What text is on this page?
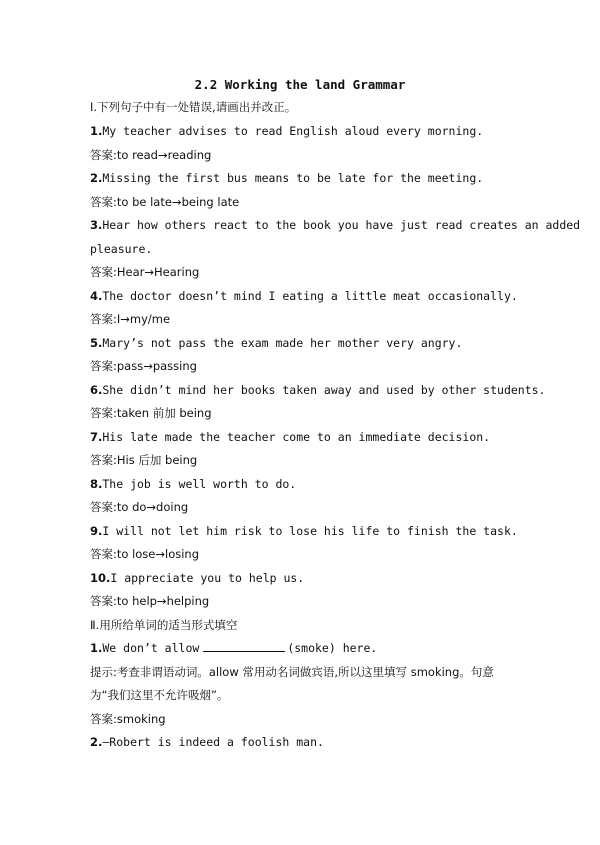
2.2 Working the land Grammar
Ⅰ.下列句子中有一处错误,请画出并改正。
1.My teacher advises to read English aloud every morning.
答案:to read→reading
2.Missing the first bus means to be late for the meeting.
答案:to be late→being late
3.Hear how others react to the book you have just read creates an added
pleasure.
答案:Hear→Hearing
4.The doctor doesn’t mind I eating a little meat occasionally.
答案:I→my/me
5.Mary’s not pass the exam made her mother very angry.
答案:pass→passing
6.She didn’t mind her books taken away and used by other students.
答案:taken 前加 being
7.His late made the teacher come to an immediate decision.
答案:His 后加 being
8.The job is well worth to do.
答案:to do→doing
9.I will not let him risk to lose his life to finish the task.
答案:to lose→losing
10.I appreciate you to help us.
答案:to help→helping
Ⅱ.用所给单词的适当形式填空
1.We don’t allow	(smoke) here.
提示:考查非谓语动词。allow 常用动名词做宾语,所以这里填写 smoking。句意
为“我们这里不允许吸烟”。
答案:smoking
2.—Robert is indeed a foolish man.
